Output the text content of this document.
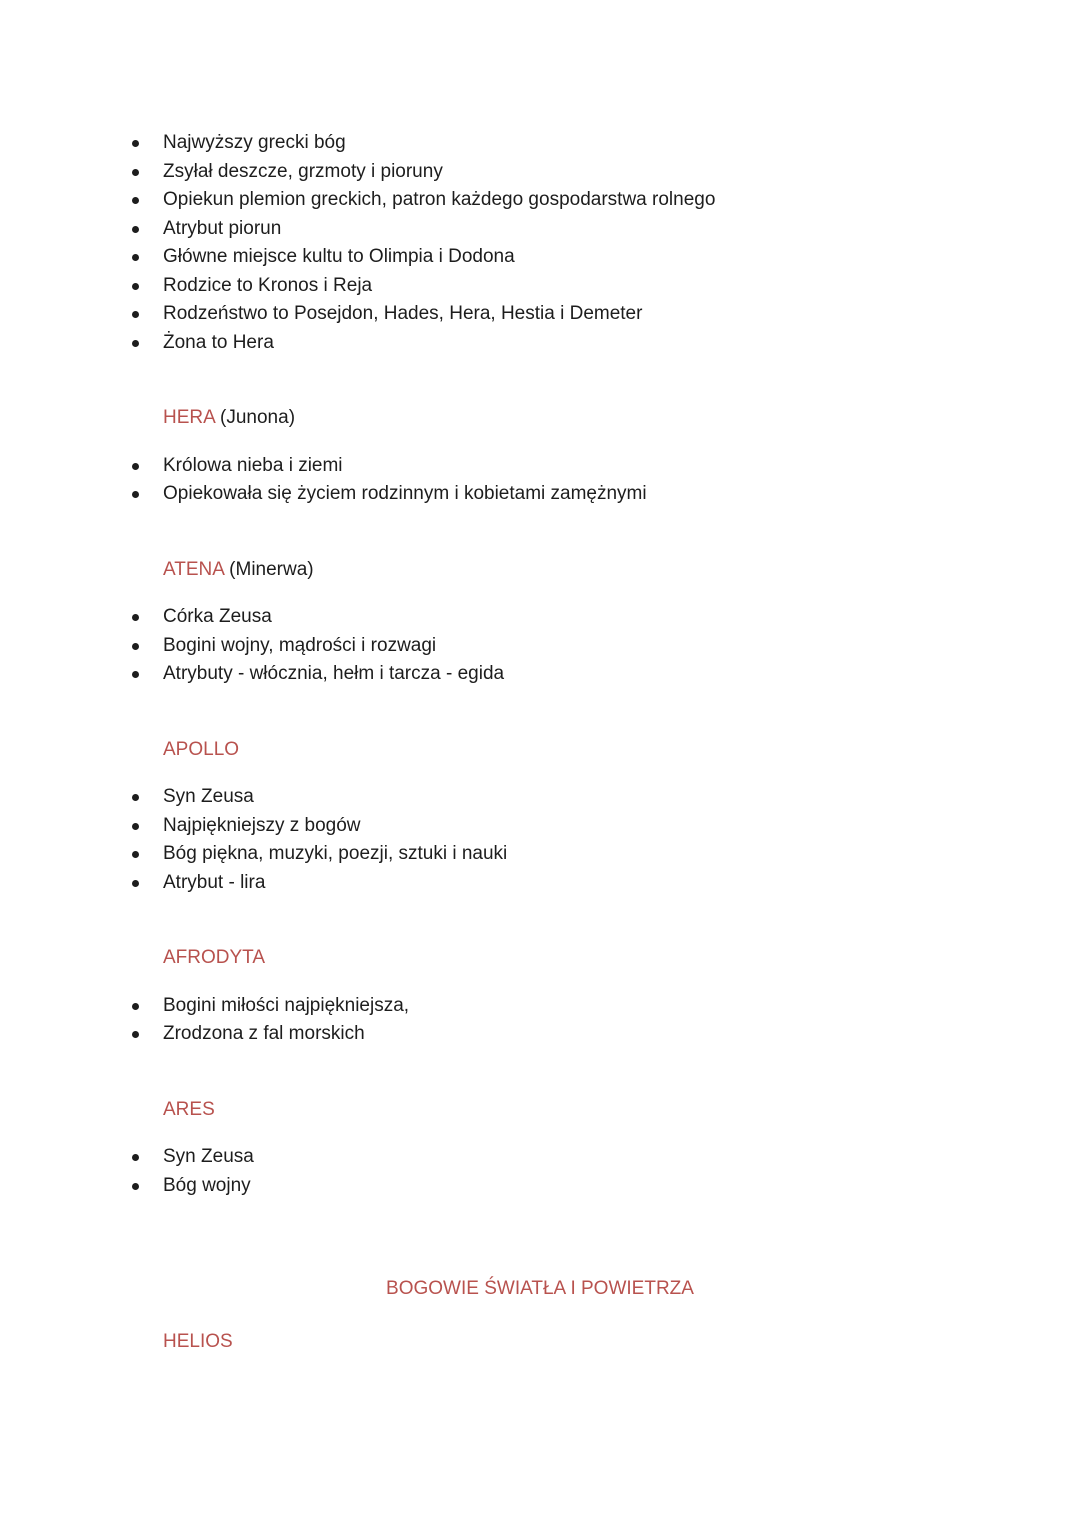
Najwyższy grecki bóg
Zsyłał deszcze, grzmoty i pioruny
Opiekun plemion greckich, patron każdego gospodarstwa rolnego
Atrybut piorun
Główne miejsce kultu to Olimpia i Dodona
Rodzice to Kronos i Reja
Rodzeństwo to Posejdon, Hades, Hera, Hestia i Demeter
Żona to Hera

HERA (Junona)

Królowa nieba i ziemi
Opiekowała się życiem rodzinnym i kobietami zamężnymi

ATENA (Minerwa)

Córka Zeusa
Bogini wojny, mądrości i rozwagi
Atrybuty - włócznia, hełm i tarcza - egida

APOLLO

Syn Zeusa
Najpiękniejszy z bogów
Bóg piękna, muzyki, poezji, sztuki i nauki
Atrybut - lira

AFRODYTA

Bogini miłości najpiękniejsza,
Zrodzona z fal morskich

ARES

Syn Zeusa
Bóg wojny

BOGOWIE ŚWIATŁA I POWIETRZA

HELIOS
